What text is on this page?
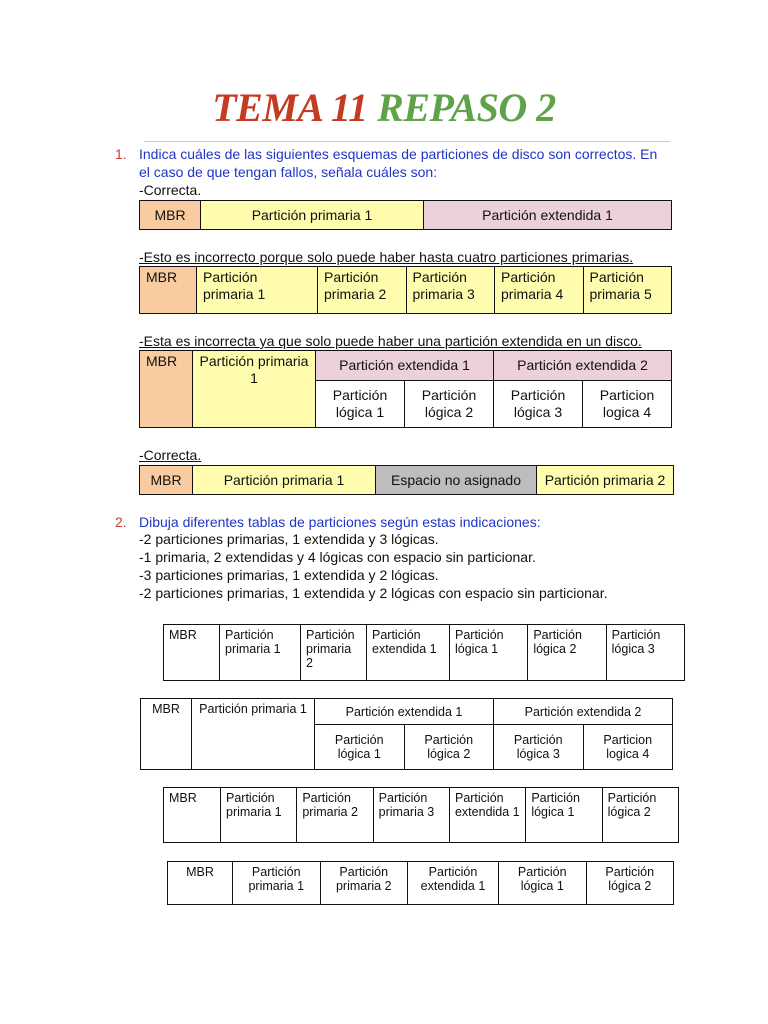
TEMA 11 REPASO 2
1. Indica cuáles de las siguientes esquemas de particiones de disco son correctos. En
el caso de que tengan fallos, señala cuáles son:
-Correcta.
MBR	Partición primaria 1	Partición extendida 1
-Esto es incorrecto porque solo puede haber hasta cuatro particiones primarias.
MBR	Partición primaria 1	Partición primaria 2	Partición primaria 3	Partición primaria 4	Partición primaria 5
-Esta es incorrecta ya que solo puede haber una partición extendida en un disco.
MBR	Partición primaria 1	Partición extendida 1		Partición extendida 2	
		Partición lógica 1	Partición lógica 2	Partición lógica 3	Particion logica 4
-Correcta.
MBR	Partición primaria 1	Espacio no asignado	Partición primaria 2
2. Dibuja diferentes tablas de particiones según estas indicaciones:
-2 particiones primarias, 1 extendida y 3 lógicas.
-1 primaria, 2 extendidas y 4 lógicas con espacio sin particionar.
-3 particiones primarias, 1 extendida y 2 lógicas.
-2 particiones primarias, 1 extendida y 2 lógicas con espacio sin particionar.
MBR	Partición primaria 1	Partición primaria 2	Partición extendida 1	Partición lógica 1	Partición lógica 2	Partición lógica 3
MBR	Partición primaria 1	Partición extendida 1		Partición extendida 2	
		Partición lógica 1	Partición lógica 2	Partición lógica 3	Particion logica 4
MBR	Partición primaria 1	Partición primaria 2	Partición primaria 3	Partición extendida 1	Partición lógica 1	Partición lógica 2
MBR	Partición primaria 1	Partición primaria 2	Partición extendida 1	Partición lógica 1	Partición lógica 2
